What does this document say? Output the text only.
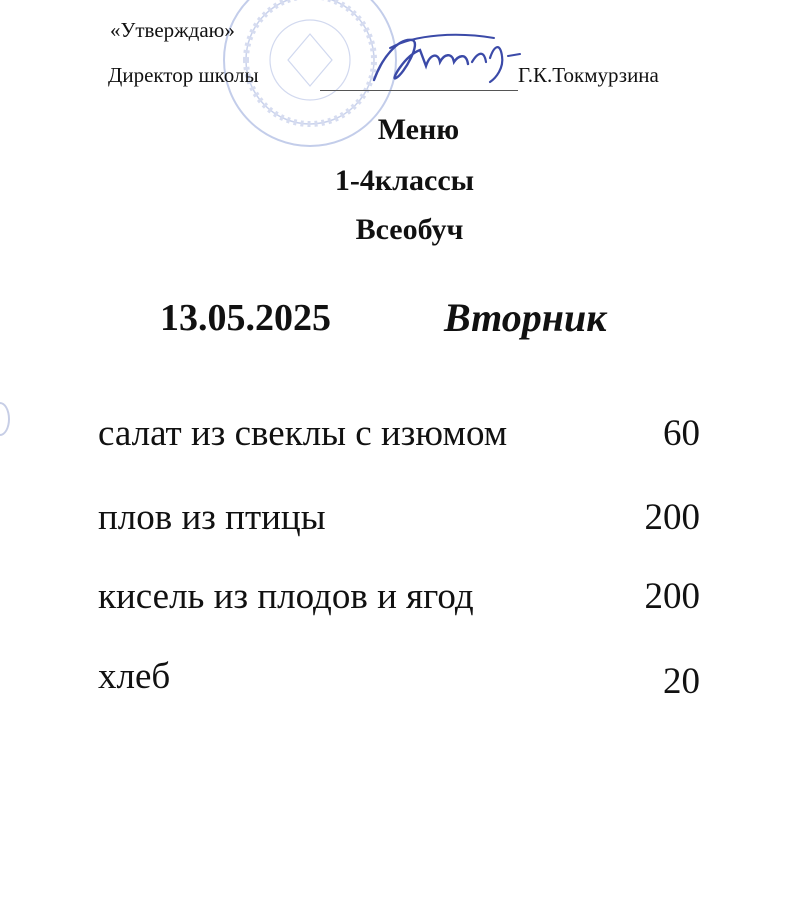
«Утверждаю»
Директор школы	Г.К.Токмурзина
Меню
1-4классы
Всеобуч
13.05.2025	Вторник
салат из свеклы с изюмом	60
плов из птицы	200
кисель из плодов и ягод	200
хлеб	20
